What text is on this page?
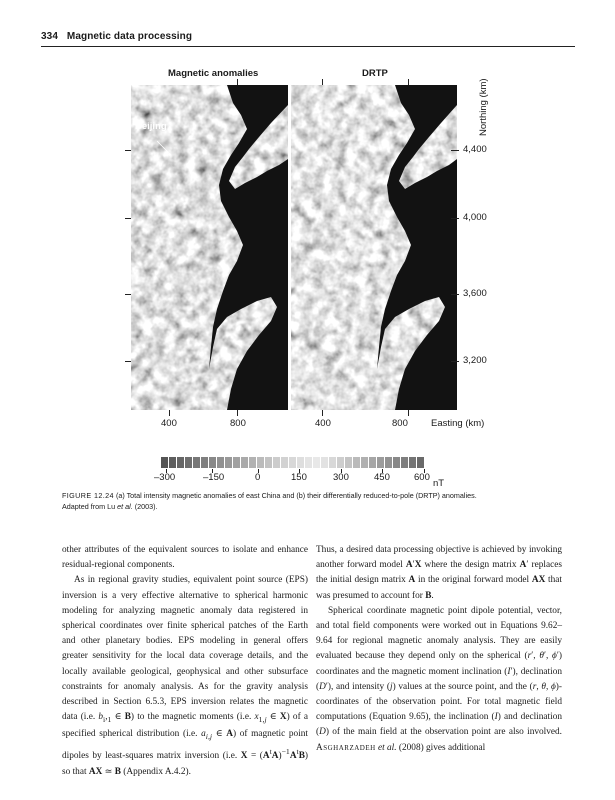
334 Magnetic data processing
Magnetic anomalies	DRTP
Beijing	Northing (km)
4,400
4,000
3,600
3,200
400	800	400	800 Easting (km)
–300	–150	0	150	300	450	600
nT
FIGURE 12.24 (a) Total intensity magnetic anomalies of east China and (b) their differentially reduced-to-pole (DRTP) anomalies.
Adapted from Lu et al. (2003).

other attributes of the equivalent sources to isolate and enhance residual-regional components.

As in regional gravity studies, equivalent point source (EPS) inversion is a very effective alternative to spherical harmonic modeling for analyzing magnetic anomaly data registered in spherical coordinates over finite spherical patches of the Earth and other planetary bodies. EPS modeling in general offers greater sensitivity for the local data coverage details, and the locally available geological, geophysical and other subsurface constraints for anomaly analysis. As for the gravity analysis described in Section 6.5.3, EPS inversion relates the magnetic data (i.e. $b_i,_1$ ∈ B) to the magnetic moments (i.e. $x_{1,j}$ ∈ X) of a specified spherical distribution (i.e. $a_{i,j}$ ∈ A) of magnetic point dipoles by least-squares matrix inversion (i.e. $X = (A^tA)^{-1}A^tB$) so that AX ≃ B (Appendix A.4.2).

Thus, a desired data processing objective is achieved by invoking another forward model A′X where the design matrix A′ replaces the initial design matrix A in the original forward model AX that was presumed to account for B.

Spherical coordinate magnetic point dipole potential, vector, and total field components were worked out in Equations 9.62–9.64 for regional magnetic anomaly analysis. They are easily evaluated because they depend only on the spherical (r′, θ′, ϕ′) coordinates and the magnetic moment inclination (I′), declination (D′), and intensity (j) values at the source point, and the (r, θ, ϕ)-coordinates of the observation point. For total magnetic field computations (Equation 9.65), the inclination (I) and declination (D) of the main field at the observation point are also involved. Asgharzadeh et al. (2008) gives additional
